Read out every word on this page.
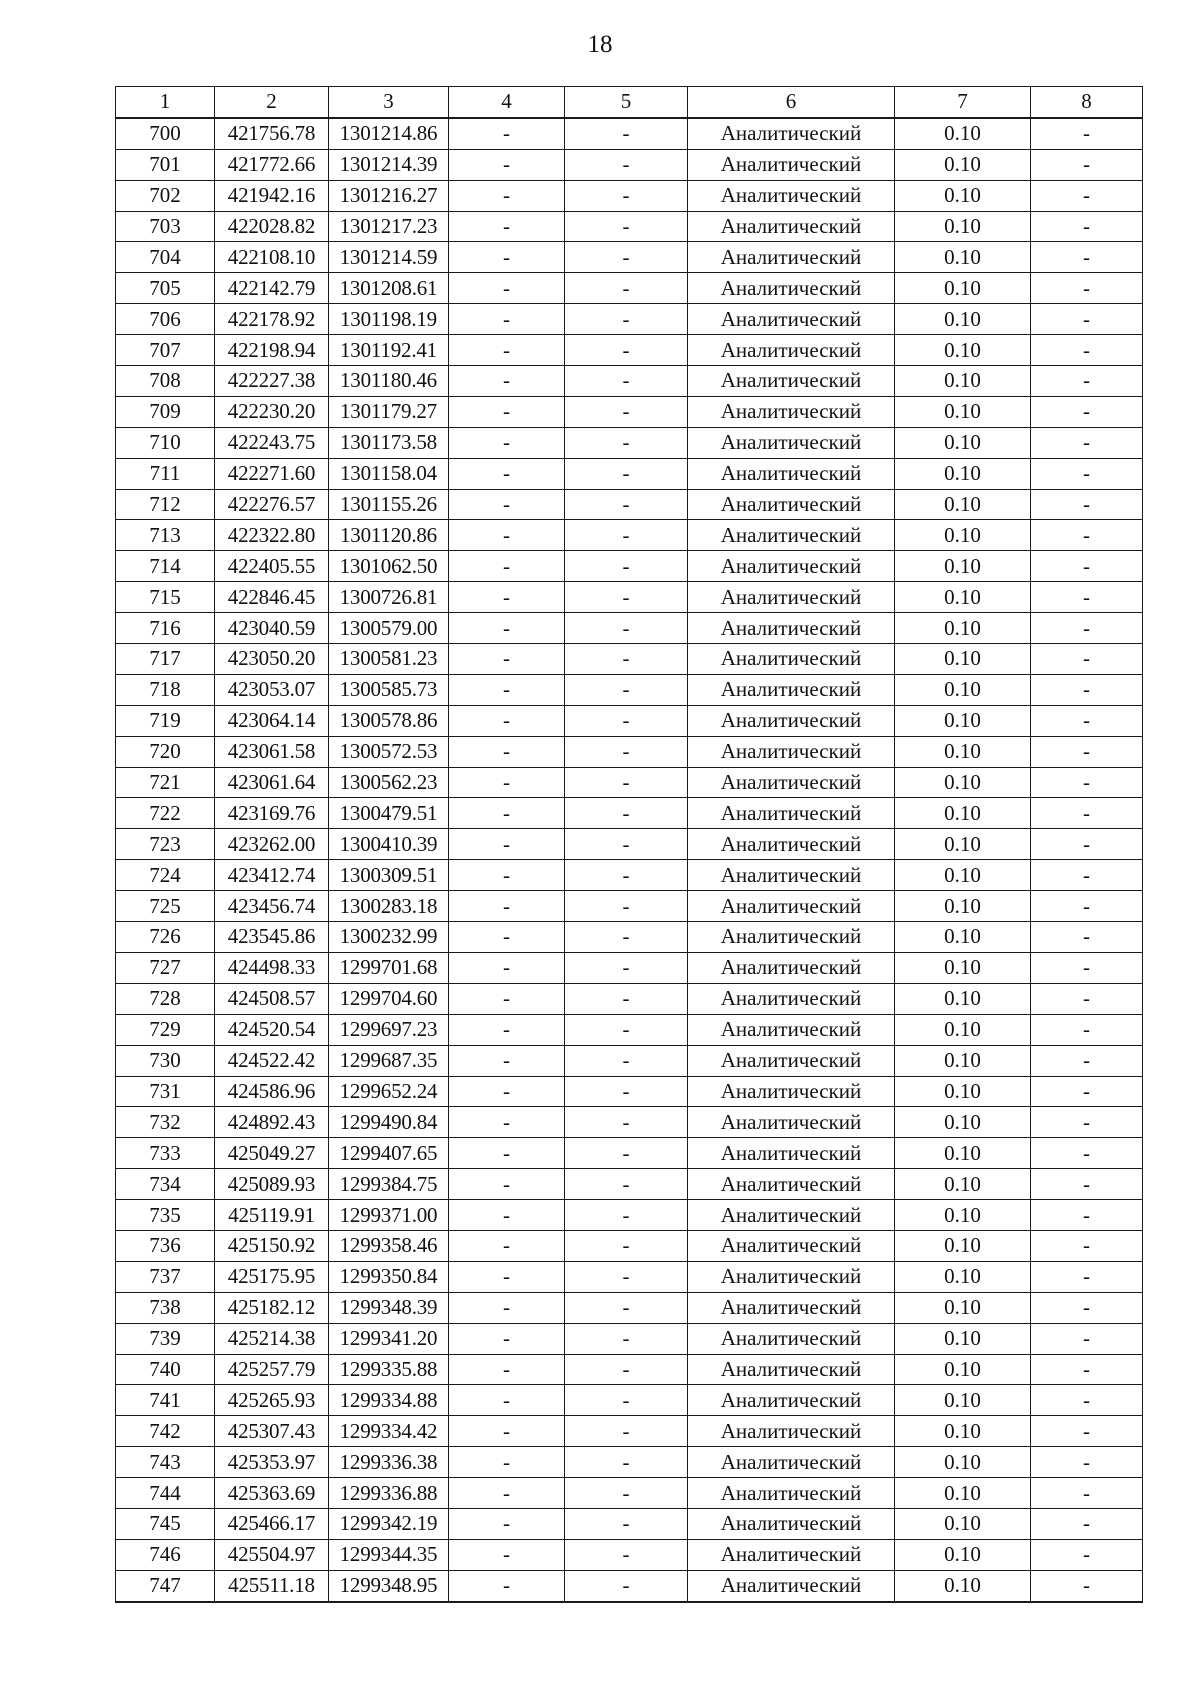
18
1	2	3	4	5	6	7	8
700	421756.78	1301214.86	-	-	Аналитический	0.10	-
701	421772.66	1301214.39	-	-	Аналитический	0.10	-
702	421942.16	1301216.27	-	-	Аналитический	0.10	-
703	422028.82	1301217.23	-	-	Аналитический	0.10	-
704	422108.10	1301214.59	-	-	Аналитический	0.10	-
705	422142.79	1301208.61	-	-	Аналитический	0.10	-
706	422178.92	1301198.19	-	-	Аналитический	0.10	-
707	422198.94	1301192.41	-	-	Аналитический	0.10	-
708	422227.38	1301180.46	-	-	Аналитический	0.10	-
709	422230.20	1301179.27	-	-	Аналитический	0.10	-
710	422243.75	1301173.58	-	-	Аналитический	0.10	-
711	422271.60	1301158.04	-	-	Аналитический	0.10	-
712	422276.57	1301155.26	-	-	Аналитический	0.10	-
713	422322.80	1301120.86	-	-	Аналитический	0.10	-
714	422405.55	1301062.50	-	-	Аналитический	0.10	-
715	422846.45	1300726.81	-	-	Аналитический	0.10	-
716	423040.59	1300579.00	-	-	Аналитический	0.10	-
717	423050.20	1300581.23	-	-	Аналитический	0.10	-
718	423053.07	1300585.73	-	-	Аналитический	0.10	-
719	423064.14	1300578.86	-	-	Аналитический	0.10	-
720	423061.58	1300572.53	-	-	Аналитический	0.10	-
721	423061.64	1300562.23	-	-	Аналитический	0.10	-
722	423169.76	1300479.51	-	-	Аналитический	0.10	-
723	423262.00	1300410.39	-	-	Аналитический	0.10	-
724	423412.74	1300309.51	-	-	Аналитический	0.10	-
725	423456.74	1300283.18	-	-	Аналитический	0.10	-
726	423545.86	1300232.99	-	-	Аналитический	0.10	-
727	424498.33	1299701.68	-	-	Аналитический	0.10	-
728	424508.57	1299704.60	-	-	Аналитический	0.10	-
729	424520.54	1299697.23	-	-	Аналитический	0.10	-
730	424522.42	1299687.35	-	-	Аналитический	0.10	-
731	424586.96	1299652.24	-	-	Аналитический	0.10	-
732	424892.43	1299490.84	-	-	Аналитический	0.10	-
733	425049.27	1299407.65	-	-	Аналитический	0.10	-
734	425089.93	1299384.75	-	-	Аналитический	0.10	-
735	425119.91	1299371.00	-	-	Аналитический	0.10	-
736	425150.92	1299358.46	-	-	Аналитический	0.10	-
737	425175.95	1299350.84	-	-	Аналитический	0.10	-
738	425182.12	1299348.39	-	-	Аналитический	0.10	-
739	425214.38	1299341.20	-	-	Аналитический	0.10	-
740	425257.79	1299335.88	-	-	Аналитический	0.10	-
741	425265.93	1299334.88	-	-	Аналитический	0.10	-
742	425307.43	1299334.42	-	-	Аналитический	0.10	-
743	425353.97	1299336.38	-	-	Аналитический	0.10	-
744	425363.69	1299336.88	-	-	Аналитический	0.10	-
745	425466.17	1299342.19	-	-	Аналитический	0.10	-
746	425504.97	1299344.35	-	-	Аналитический	0.10	-
747	425511.18	1299348.95	-	-	Аналитический	0.10	-
